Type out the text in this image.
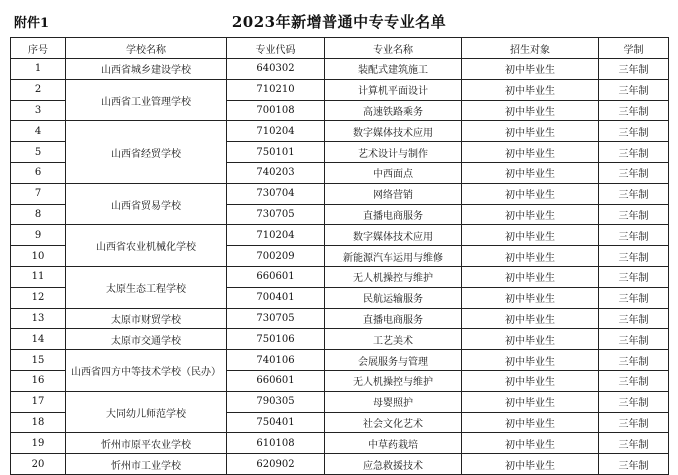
附件1	2023年新增普通中专专业名单
序号	学校名称	专业代码	专业名称	招生对象	学制
1	山西省城乡建设学校	640302	装配式建筑施工	初中毕业生	三年制
2	山西省工业管理学校	710210	计算机平面设计	初中毕业生	三年制
3		700108	高速铁路乘务	初中毕业生	三年制
4	山西省经贸学校	710204	数字媒体技术应用	初中毕业生	三年制
5		750101	艺术设计与制作	初中毕业生	三年制
6		740203	中西面点	初中毕业生	三年制
7	山西省贸易学校	730704	网络营销	初中毕业生	三年制
8		730705	直播电商服务	初中毕业生	三年制
9	山西省农业机械化学校	710204	数字媒体技术应用	初中毕业生	三年制
10		700209	新能源汽车运用与维修	初中毕业生	三年制
11	太原生态工程学校	660601	无人机操控与维护	初中毕业生	三年制
12		700401	民航运输服务	初中毕业生	三年制
13	太原市财贸学校	730705	直播电商服务	初中毕业生	三年制
14	太原市交通学校	750106	工艺美术	初中毕业生	三年制
15	山西省四方中等技术学校（民办）	740106	会展服务与管理	初中毕业生	三年制
16		660601	无人机操控与维护	初中毕业生	三年制
17	大同幼儿师范学校	790305	母婴照护	初中毕业生	三年制
18		750401	社会文化艺术	初中毕业生	三年制
19	忻州市原平农业学校	610108	中草药栽培	初中毕业生	三年制
20	忻州市工业学校	620902	应急救援技术	初中毕业生	三年制
